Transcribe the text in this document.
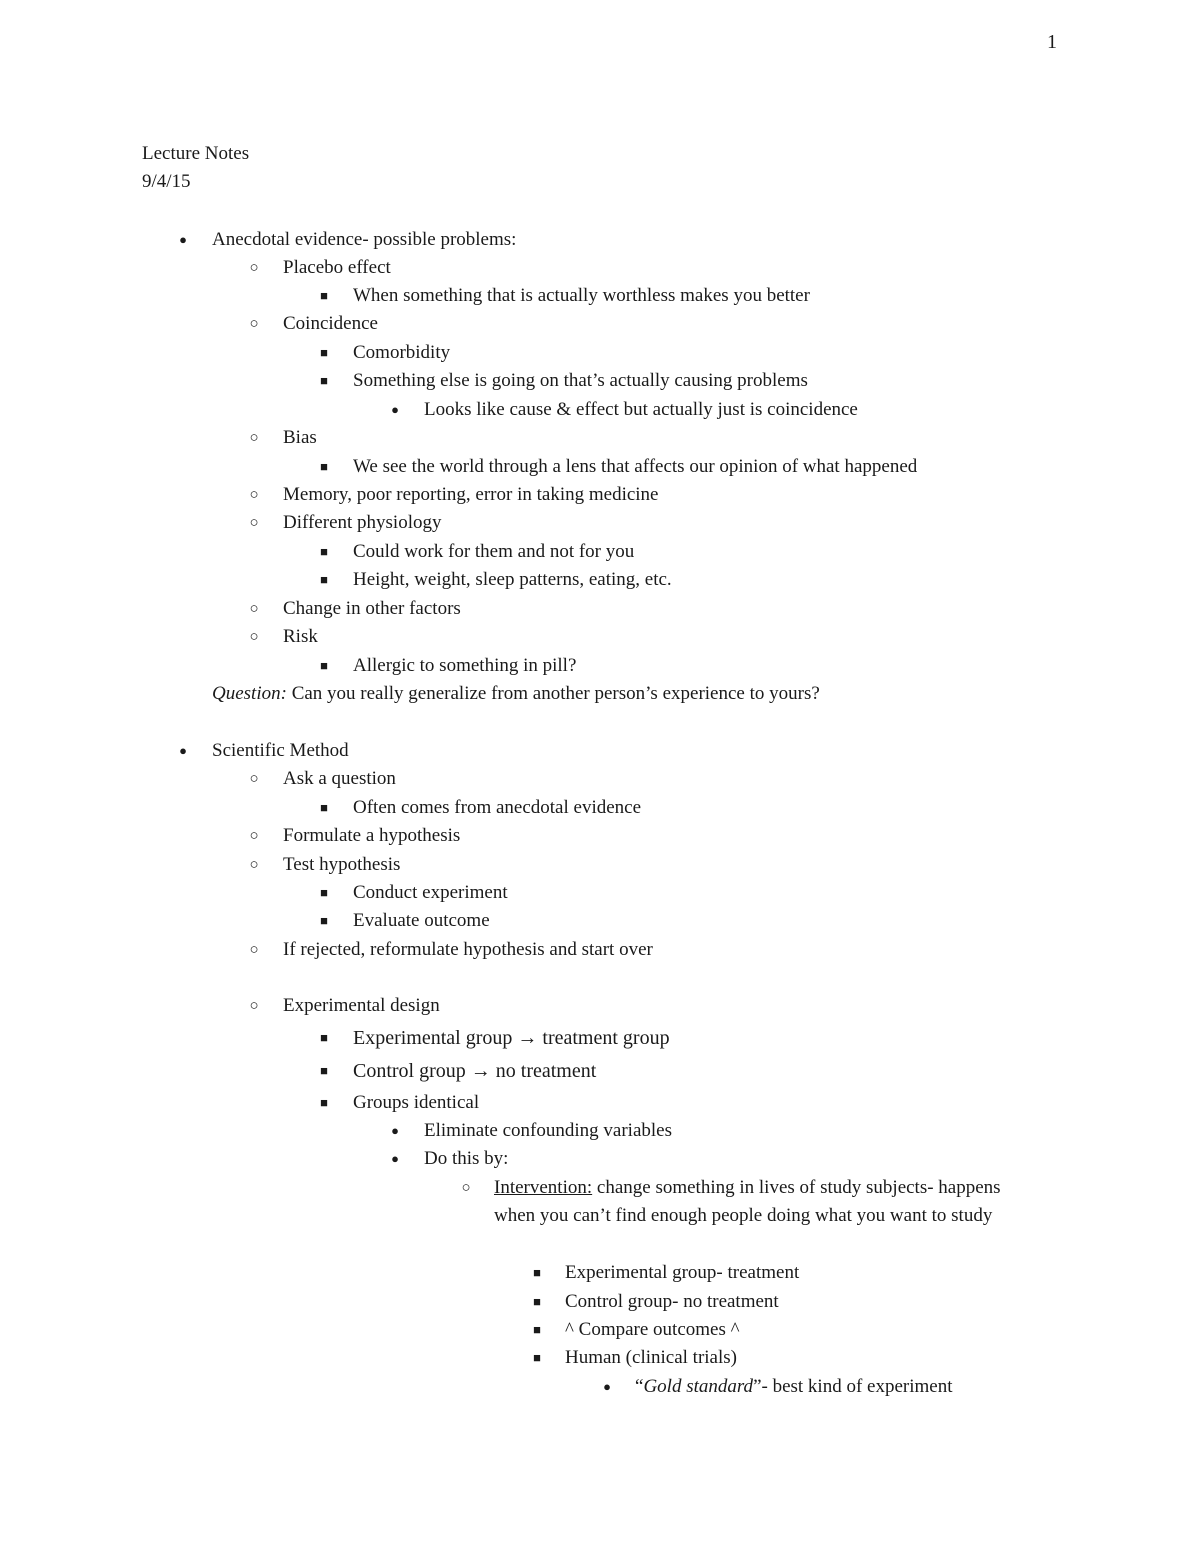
1
Lecture Notes
9/4/15
● Anecdotal evidence- possible problems:
○ Placebo effect
■ When something that is actually worthless makes you better
○ Coincidence
■ Comorbidity
■ Something else is going on that’s actually causing problems
● Looks like cause & effect but actually just is coincidence
○ Bias
■ We see the world through a lens that affects our opinion of what happened
○ Memory, poor reporting, error in taking medicine
○ Different physiology
■ Could work for them and not for you
■ Height, weight, sleep patterns, eating, etc.
○ Change in other factors
○ Risk
■ Allergic to something in pill?
Question: Can you really generalize from another person’s experience to yours?
● Scientific Method
○ Ask a question
■ Often comes from anecdotal evidence
○ Formulate a hypothesis
○ Test hypothesis
■ Conduct experiment
■ Evaluate outcome
○ If rejected, reformulate hypothesis and start over
○ Experimental design
■ Experimental group → treatment group
■ Control group → no treatment
■ Groups identical
● Eliminate confounding variables
● Do this by:
○ Intervention: change something in lives of study subjects- happens when you can’t find enough people doing what you want to study
■ Experimental group- treatment
■ Control group- no treatment
■ ^ Compare outcomes ^
■ Human (clinical trials)
● “Gold standard”- best kind of experiment
